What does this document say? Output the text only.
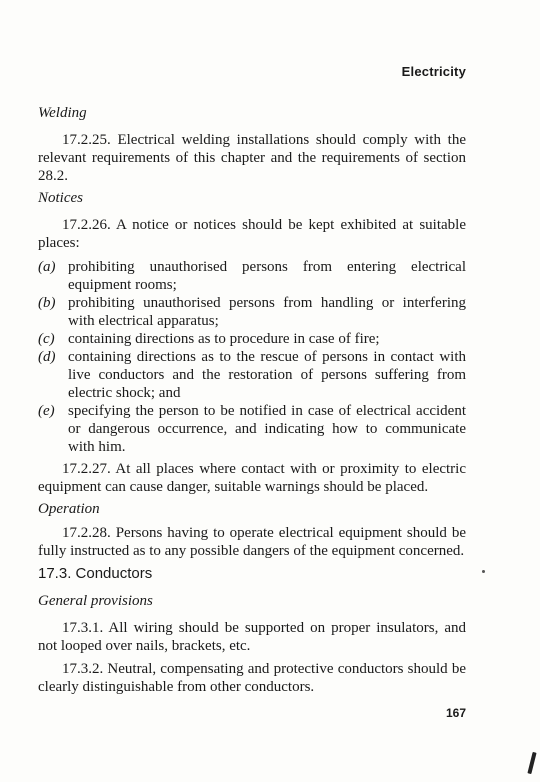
Electricity
Welding

17.2.25. Electrical welding installations should comply with the relevant requirements of this chapter and the requirements of section 28.2.

Notices

17.2.26. A notice or notices should be kept exhibited at suitable places:

(a) prohibiting unauthorised persons from entering electrical equipment rooms;
(b) prohibiting unauthorised persons from handling or interfering with electrical apparatus;
(c) containing directions as to procedure in case of fire;
(d) containing directions as to the rescue of persons in contact with live conductors and the restoration of persons suffering from electric shock; and
(e) specifying the person to be notified in case of electrical accident or dangerous occurrence, and indicating how to communicate with him.

17.2.27. At all places where contact with or proximity to electric equipment can cause danger, suitable warnings should be placed.

Operation

17.2.28. Persons having to operate electrical equipment should be fully instructed as to any possible dangers of the equipment concerned.

17.3. Conductors
General provisions

17.3.1. All wiring should be supported on proper insulators, and not looped over nails, brackets, etc.

17.3.2. Neutral, compensating and protective conductors should be clearly distinguishable from other conductors.

167
